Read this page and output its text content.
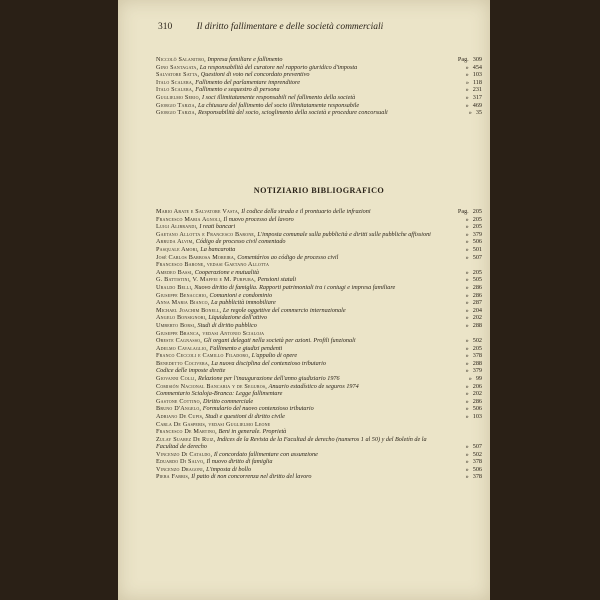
310	Il diritto fallimentare e delle società commerciali
Niccolò Salanitro, Impresa familiare e fallimento	Pag. 309
Gino Santagata, La responsabilità del curatore nel rapporto giuridico d'imposta	» 454
Salvatore Satta, Questioni di voto nel concordato preventivo	» 103
Italo Scalera, Fallimento del parlamentare imprenditore	» 118
Italo Scalera, Fallimento e sequestro di persona	» 231
Guglielmo Serio, I soci illimitatamente responsabili nel fallimento della società	» 317
Giorgio Tarzia, La chiusura del fallimento del socio illimitatamente responsabile	» 469
Giorgio Tarzia, Responsabilità del socio, scioglimento della società e procedure concorsuali	» 35
NOTIZIARIO BIBLIOGRAFICO
Mario Abate e Salvatore Vasta, Il codice della strada e il prontuario delle infrazioni	Pag. 205
Francesco Maria Agnoli, Il nuovo processo del lavoro	» 205
Luigi Alibrandi, I reati bancari	» 205
Gaetano Allotta e Francesco Barone, L'imposta comunale sulla pubblicità e diritti sulle pubbliche affissioni	» 379
Arruda Alvim, Código de processo civil comentado	» 506
Pasquale Amori, La bancarotta	» 501
José Carlos Barbosa Moreira, Comentários ao código de processo civil	» 507
Francesco Barone, vedasi Gaetano Allotta
Amedeo Bassi, Cooperazione e mutualità	» 205
G. Battistini, V. Maffei e M. Purpura, Pensioni statali	» 505
Ubaldo Belli, Nuovo diritto di famiglia. Rapporti patrimoniali tra i coniugi e impresa familiare	» 286
Giuseppe Benacchio, Comunioni e condominio	» 286
Anna Maria Bianco, La pubblicità immobiliare	» 287
Michael Joachim Bonell, Le regole oggettive del commercio internazionale	» 204
Angelo Bonsignori, Liquidazione dell'attivo	» 202
Umberto Borsi, Studi di diritto pubblico	» 288
Giuseppe Branca, vedasi Antonio Scialoja
Oreste Cagnasso, Gli organi delegati nella società per azioni. Profili funzionali	» 502
Adelmo Cavalaglio, Fallimento e giudizi pendenti	» 205
Franco Ceccoli e Camillo Filadoro, L'appalto di opere	» 378
Benedetto Cocivera, La nuova disciplina del contenzioso tributario	» 288
Codice delle imposte dirette	» 379
Giovanni Colli, Relazione per l'inaugurazione dell'anno giudiziario 1976	» 99
Comisión Nacional Bancaria y de Seguros, Anuario estadístico de seguros 1974	» 206
Commentario Scialoja-Branca: Legge fallimentare	» 202
Gastone Cottino, Diritto commerciale	» 286
Bruno D'Angelo, Formulario del nuovo contenzioso tributario	» 506
Adriano De Cupis, Studi e questioni di diritto civile	» 103
Carla De Gasperis, vedasi Guglielmo Leone
Francesco De Martino, Beni in generale. Proprietà
Zulay Suarez De Ruiz, Indices de la Revista de la Facultad de derecho (numeros 1 al 50) y del Boletín de la Facultad de derecho	» 507
Vincenzo Di Cataldo, Il concordato fallimentare con assunzione	» 502
Eduardo Di Salvo, Il nuovo diritto di famiglia	» 378
Vincenzo Dragoni, L'imposta di bollo	» 506
Piera Fabris, Il patto di non concorrenza nel diritto del lavoro	» 378
